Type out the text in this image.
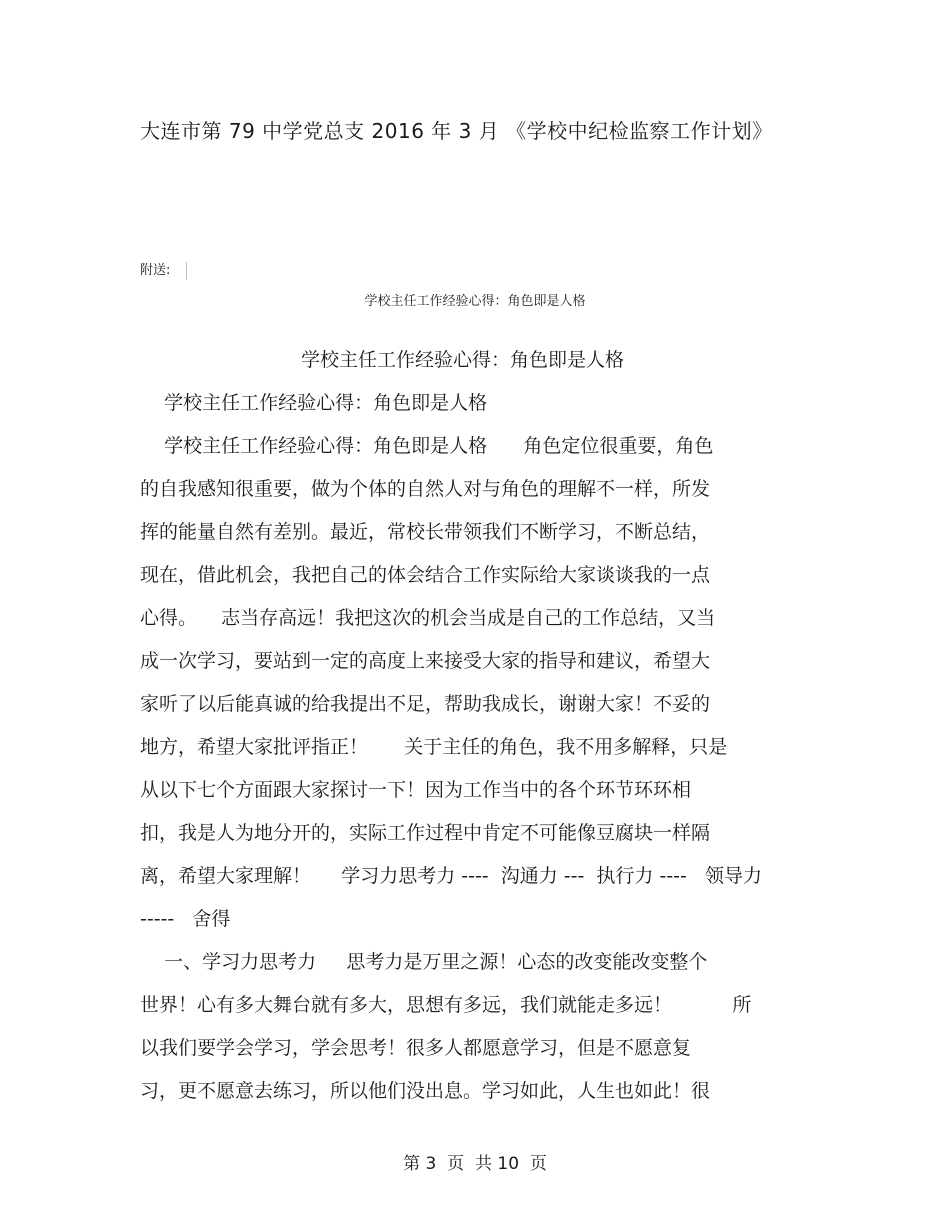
大连市第 79 中学党总支 2016 年 3 月 《学校中纪检监察工作计划》
附送:
学校主任工作经验心得：角色即是人格
学校主任工作经验心得：角色即是人格
学校主任工作经验心得：角色即是人格
学校主任工作经验心得：角色即是人格      角色定位很重要，角色
的自我感知很重要，做为个体的自然人对与角色的理解不一样，所发
挥的能量自然有差别。最近，常校长带领我们不断学习，不断总结，
现在，借此机会，我把自己的体会结合工作实际给大家谈谈我的一点
心得。    志当存高远！我把这次的机会当成是自己的工作总结，又当
成一次学习，要站到一定的高度上来接受大家的指导和建议，希望大
家听了以后能真诚的给我提出不足，帮助我成长，谢谢大家！不妥的
地方，希望大家批评指正！      关于主任的角色，我不用多解释，只是
从以下七个方面跟大家探讨一下！因为工作当中的各个环节环环相
扣，我是人为地分开的，实际工作过程中肯定不可能像豆腐块一样隔
离，希望大家理解！     学习力思考力 ----  沟通力 ---  执行力 ----   领导力
-----   舍得
一、学习力思考力     思考力是万里之源！心态的改变能改变整个
世界！心有多大舞台就有多大，思想有多远，我们就能走多远！          所
以我们要学会学习，学会思考！很多人都愿意学习，但是不愿意复
习，更不愿意去练习，所以他们没出息。学习如此，人生也如此！很
第 3  页  共 10  页
